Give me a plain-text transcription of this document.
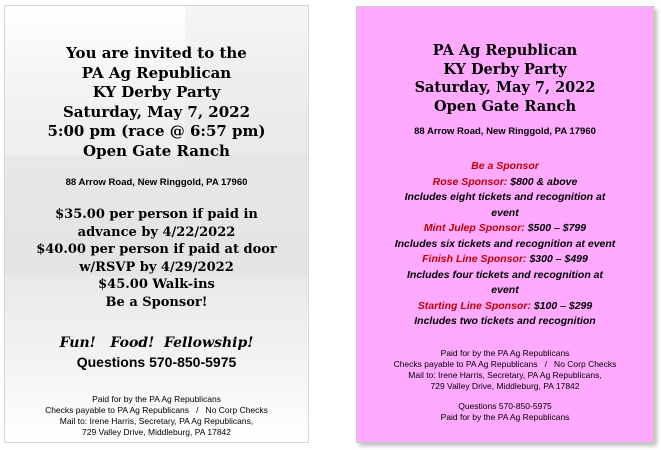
You are invited to the
PA Ag Republican
KY Derby Party
Saturday, May 7, 2022
5:00 pm (race @ 6:57 pm)
Open Gate Ranch
88 Arrow Road, New Ringgold, PA 17960
$35.00 per person if paid in
advance by 4/22/2022
$40.00 per person if paid at door
w/RSVP by 4/29/2022
$45.00 Walk-ins
Be a Sponsor!
Fun!   Food!  Fellowship!
Questions 570-850-5975
Paid for by the PA Ag Republicans
Checks payable to PA Ag Republicans   /   No Corp Checks
Mail to: Irene Harris, Secretary, PA Ag Republicans,
729 Valley Drive, Middleburg, PA 17842
PA Ag Republican
KY Derby Party
Saturday, May 7, 2022
Open Gate Ranch
88 Arrow Road, New Ringgold, PA 17960
Be a Sponsor
Rose Sponsor: $800 & above
Includes eight tickets and recognition at
event
Mint Julep Sponsor: $500 – $799
Includes six tickets and recognition at event
Finish Line Sponsor: $300 – $499
Includes four tickets and recognition at
event
Starting Line Sponsor: $100 – $299
Includes two tickets and recognition
Paid for by the PA Ag Republicans
Checks payable to PA Ag Republicans   /   No Corp Checks
Mail to: Irene Harris, Secretary, PA Ag Republicans,
729 Valley Drive, Middleburg, PA 17842
Questions 570-850-5975
Paid for by the PA Ag Republicans
